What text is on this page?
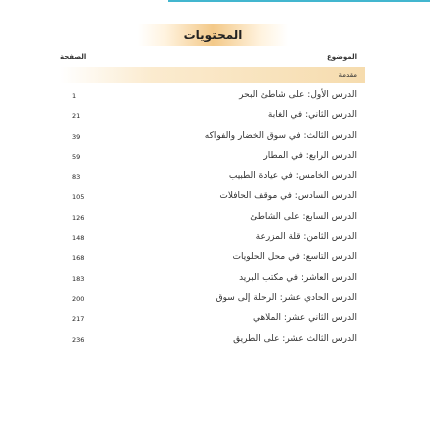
المحتويات
الصفحة	الموضوع
مقدمة
1	الدرس الأول: على شاطئ البحر
21	الدرس الثاني: في الغابة
39	الدرس الثالث: في سوق الخضار والفواكه
59	الدرس الرابع: في المطار
83	الدرس الخامس: في عيادة الطبيب
105	الدرس السادس: في موقف الحافلات
126	الدرس السابع: على الشاطئ
148	الدرس الثامن: قلة المزرعة
168	الدرس التاسع: في محل الحلويات
183	الدرس العاشر: في مكتب البريد
200	الدرس الحادي عشر: الرحلة إلى سوق
217	الدرس الثاني عشر: الملاهي
236	الدرس الثالث عشر: على الطريق
